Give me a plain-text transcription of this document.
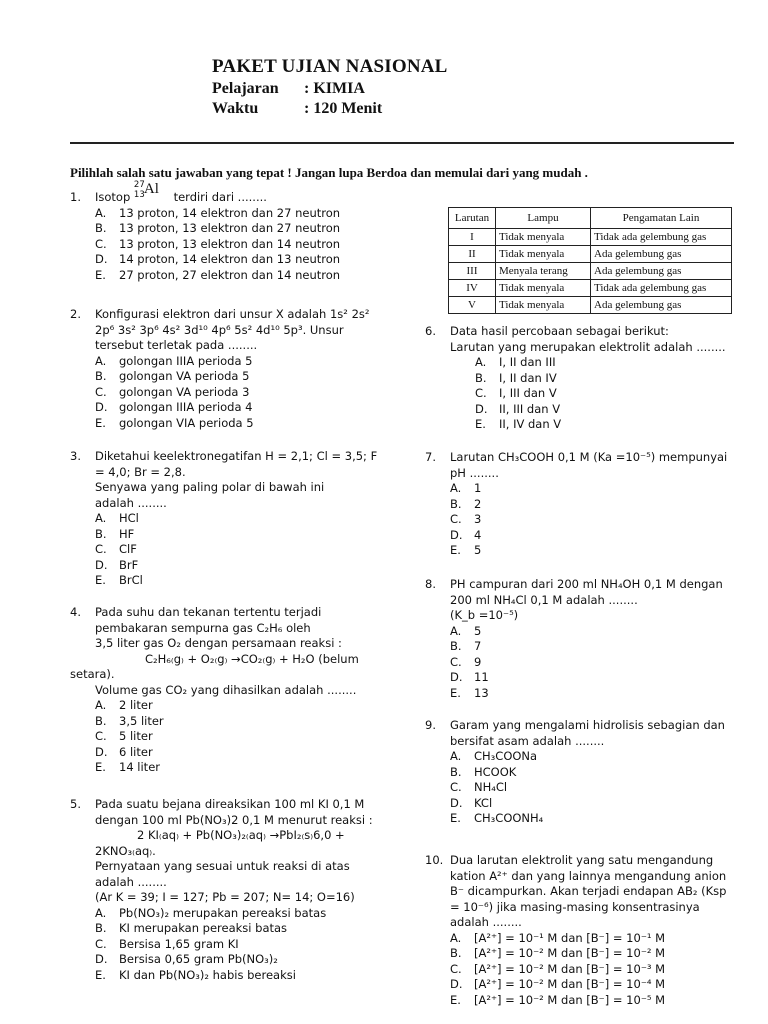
PAKET UJIAN NASIONAL
Pelajaran : KIMIA
Waktu	: 120 Menit
Pilihlah salah satu jawaban yang tepat ! Jangan lupa Berdoa dan memulai dari yang mudah .
1. Isotop
27
13 Al terdiri dari ........
A. 13 proton, 14 elektron dan 27 neutron
B. 13 proton, 13 elektron dan 27 neutron
C. 13 proton, 13 elektron dan 14 neutron
D. 14 proton, 14 elektron dan 13 neutron
E. 27 proton, 27 elektron dan 14 neutron
2. Konfigurasi elektron dari unsur X adalah 1s² 2s²
2p⁶ 3s² 3p⁶ 4s² 3d¹⁰ 4p⁶ 5s² 4d¹⁰ 5p³. Unsur
tersebut terletak pada ........
A. golongan IIIA perioda 5
B. golongan VA perioda 5
C. golongan VA perioda 3
D. golongan IIIA perioda 4
E. golongan VIA perioda 5
3. Diketahui keelektronegatifan H = 2,1; Cl = 3,5; F
= 4,0; Br = 2,8.
Senyawa yang paling polar di bawah ini
adalah ........
A. HCl
B. HF
C. ClF
D. BrF
E. BrCl
4. Pada suhu dan tekanan tertentu terjadi
pembakaran sempurna gas C₂H₆ oleh
3,5 liter gas O₂ dengan persamaan reaksi :
C₂H₆₍g₎ + O₂₍g₎ →CO₂₍g₎ + H₂O (belum
setara).
Volume gas CO₂ yang dihasilkan adalah ........
A. 2 liter
B. 3,5 liter
C. 5 liter
D. 6 liter
E. 14 liter
5. Pada suatu bejana direaksikan 100 ml KI 0,1 M
dengan 100 ml Pb(NO₃)2 0,1 M menurut reaksi :
2 KI₍aq₎ + Pb(NO₃)₂₍aq₎ →PbI₂₍s₎6,0 +
2KNO₃₍aq₎.
Pernyataan yang sesuai untuk reaksi di atas
adalah ........
(Ar K = 39; I = 127; Pb = 207; N= 14; O=16)
A. Pb(NO₃)₂ merupakan pereaksi batas
B. KI merupakan pereaksi batas
C. Bersisa 1,65 gram KI
D. Bersisa 0,65 gram Pb(NO₃)₂
E. KI dan Pb(NO₃)₂ habis bereaksi
Larutan	Lampu	Pengamatan Lain
I	Tidak menyala	Tidak ada gelembung gas
II	Tidak menyala	Ada gelembung gas
III	Menyala terang	Ada gelembung gas
IV	Tidak menyala	Tidak ada gelembung gas
V	Tidak menyala	Ada gelembung gas
6. Data hasil percobaan sebagai berikut:
Larutan yang merupakan elektrolit adalah ........
A. I, II dan III
B. I, II dan IV
C. I, III dan V
D. II, III dan V
E. II, IV dan V
7. Larutan CH₃COOH 0,1 M (Ka =10⁻⁵) mempunyai
pH ........
A. 1
B. 2
C. 3
D. 4
E. 5
8. PH campuran dari 200 ml NH₄OH 0,1 M dengan
200 ml NH₄Cl 0,1 M adalah ........
(K_b =10⁻⁵)
A. 5
B. 7
C. 9
D. 11
E. 13
9. Garam yang mengalami hidrolisis sebagian dan
bersifat asam adalah ........
A. CH₃COONa
B. HCOOK
C. NH₄Cl
D. KCl
E. CH₃COONH₄
10. Dua larutan elektrolit yang satu mengandung
kation A²⁺ dan yang lainnya mengandung anion
B⁻ dicampurkan. Akan terjadi endapan AB₂ (Ksp
= 10⁻⁶) jika masing-masing konsentrasinya
adalah ........
A. [A²⁺] = 10⁻¹ M dan [B⁻] = 10⁻¹ M
B. [A²⁺] = 10⁻² M dan [B⁻] = 10⁻² M
C. [A²⁺] = 10⁻² M dan [B⁻] = 10⁻³ M
D. [A²⁺] = 10⁻² M dan [B⁻] = 10⁻⁴ M
E. [A²⁺] = 10⁻² M dan [B⁻] = 10⁻⁵ M
